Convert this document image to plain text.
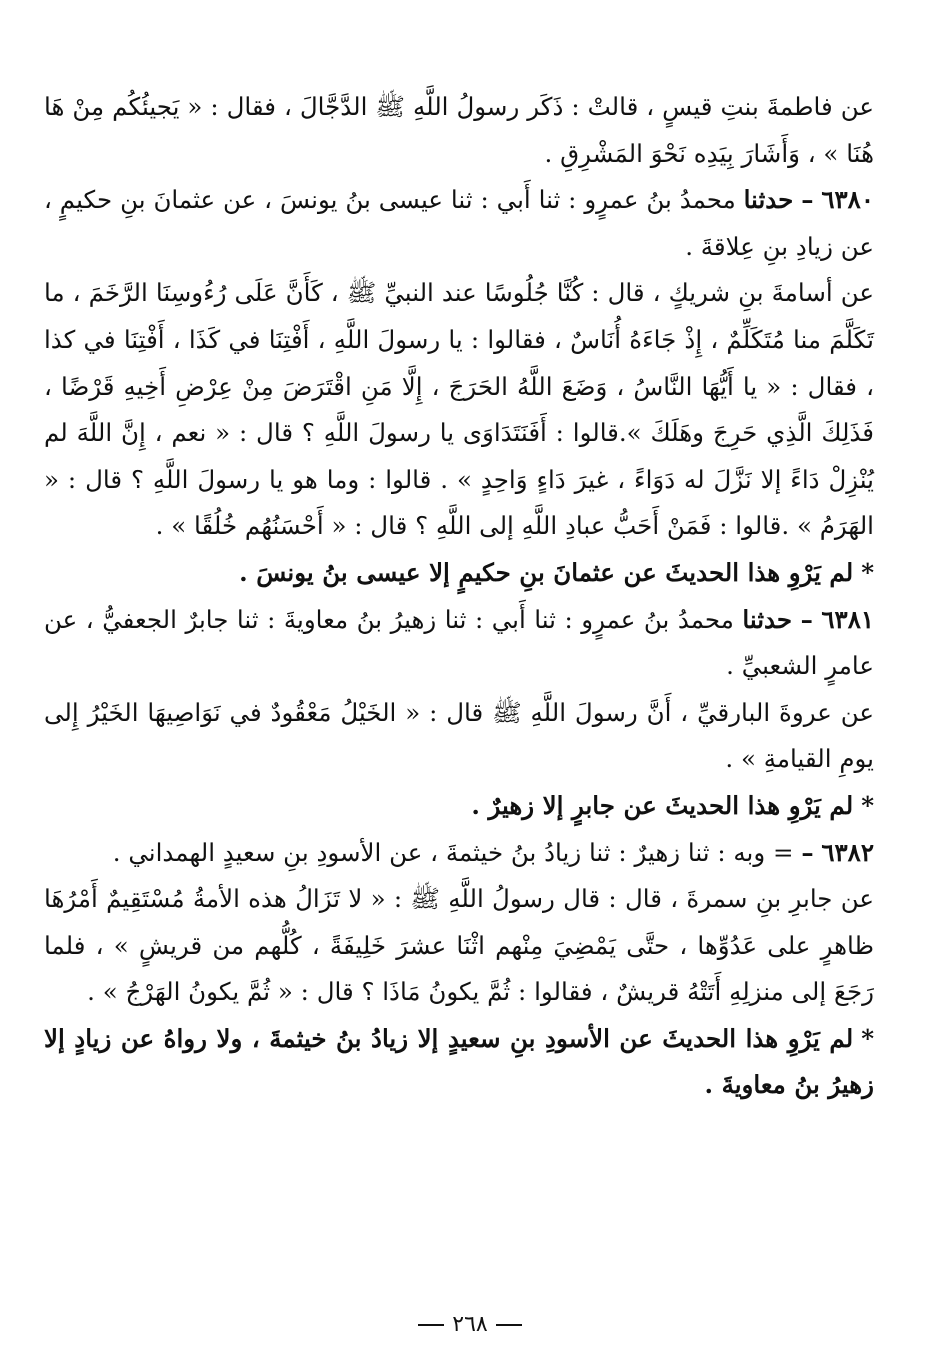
عن فاطمةَ بنتِ قيسٍ ، قالتْ : ذَكَر رسولُ اللَّهِ ﷺ الدَّجَّالَ ، فقال : « يَجيئُكُم مِنْ هَا هُنَا » ، وَأَشَارَ بِيَدِه نَحْوَ المَشْرِقِ .

٦٣٨٠ – حدثنا محمدُ بنُ عمرٍو : ثنا أَبي : ثنا عيسى بنُ يونسَ ، عن عثمانَ بنِ حكيمٍ ، عن زيادِ بنِ عِلاقةَ .

عن أسامةَ بنِ شريكٍ ، قال : كُنَّا جُلُوسًا عند النبيِّ ﷺ ، كَأَنَّ عَلَى رُءُوسِنَا الرَّخَمَ ، ما تَكَلَّمَ منا مُتَكَلِّمٌ ، إِذْ جَاءَهُ أُنَاسٌ ، فقالوا : يا رسولَ اللَّهِ ، أَفْتِنَا في كَذَا ، أَفْتِنَا في كذا ، فقال : « يا أَيُّهَا النَّاسُ ، وَضَعَ اللَّهُ الحَرَجَ ، إِلَّا مَنِ اقْتَرَضَ مِنْ عِرْضِ أَخِيهِ قَرْضًا ، فَذَلِكَ الَّذِي حَرِجَ وهَلَكَ ».قالوا : أَفَنَتَدَاوَى يا رسولَ اللَّهِ ؟ قال : « نعم ، إِنَّ اللَّهَ لم يُنْزِلْ دَاءً إلا نَزَّلَ له دَوَاءً ، غيرَ دَاءٍ وَاحِدٍ » . قالوا : وما هو يا رسولَ اللَّهِ ؟ قال : « الهَرَمُ » .قالوا : فَمَنْ أَحَبُّ عبادِ اللَّهِ إلى اللَّهِ ؟ قال : « أَحْسَنُهُم خُلُقًا » .

*لم يَرْوِ هذا الحديثَ عن عثمانَ بنِ حكيمٍ إلا عيسى بنُ يونسَ .

٦٣٨١ – حدثنا محمدُ بنُ عمرٍو : ثنا أَبي : ثنا زهيرُ بنُ معاويةَ : ثنا جابرٌ الجعفيُّ ، عن عامرٍ الشعبيِّ .

عن عروةَ البارقيِّ ، أَنَّ رسولَ اللَّهِ ﷺ قال : « الخَيْلُ مَعْقُودٌ في نَوَاصِيهَا الخَيْرُ إِلى يومِ القيامةِ » .

*لم يَرْوِ هذا الحديثَ عن جابرٍ إلا زهيرٌ .

٦٣٨٢ – = وبه : ثنا زهيرٌ : ثنا زيادُ بنُ خيثمةَ ، عن الأسودِ بنِ سعيدٍ الهمداني .

عن جابرِ بنِ سمرةَ ، قال : قال رسولُ اللَّهِ ﷺ : « لا تَزَالُ هذه الأمةُ مُسْتَقِيمٌ أَمْرُهَا ظاهرٍ على عَدُوِّها ، حتَّى يَمْضِيَ مِنْهم اثْنَا عشرَ خَلِيفَةً ، كُلُّهم من قريشٍ » ، فلما رَجَعَ إلى منزلِهِ أَتَتْهُ قريشٌ ، فقالوا : ثُمَّ يكونُ مَاذَا ؟ قال : « ثُمَّ يكونُ الهَرْجُ » .

*لم يَرْوِ هذا الحديثَ عن الأسودِ بنِ سعيدٍ إلا زيادُ بنُ خيثمةَ ، ولا رواهُ عن زيادٍ إلا زهيرُ بنُ معاويةَ .

٢٦٨
